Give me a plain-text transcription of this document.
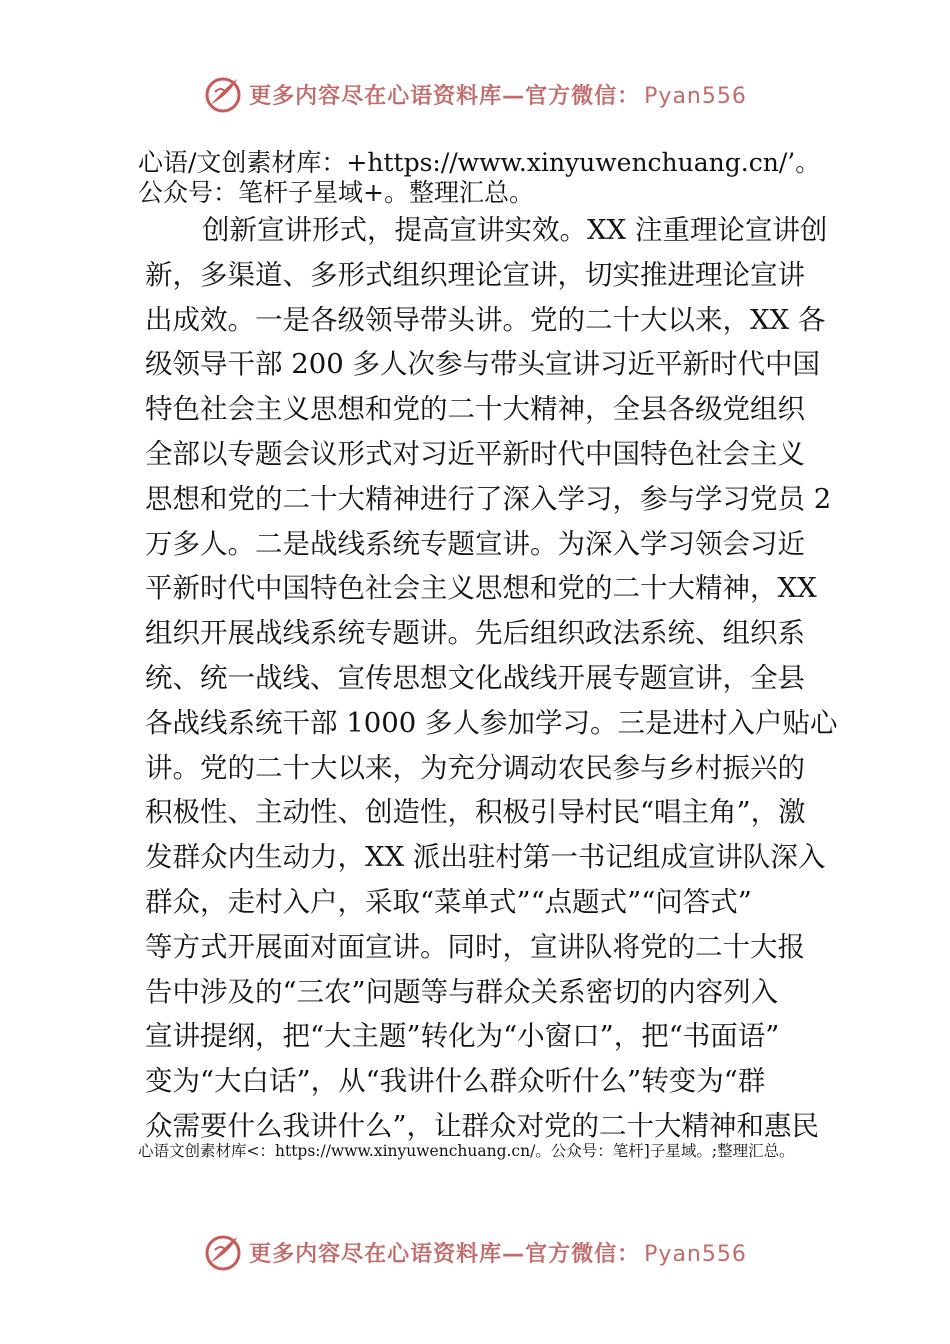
更多内容尽在心语资料库—官方微信： Pyan556
心语/文创素材库：+https://www.xinyuwenchuang.cn/’。
公众号：笔杆子星域+。整理汇总。
创新宣讲形式，提高宣讲实效。XX 注重理论宣讲创
新，多渠道、多形式组织理论宣讲，切实推进理论宣讲
出成效。一是各级领导带头讲。党的二十大以来，XX 各
级领导干部 200 多人次参与带头宣讲习近平新时代中国
特色社会主义思想和党的二十大精神，全县各级党组织
全部以专题会议形式对习近平新时代中国特色社会主义
思想和党的二十大精神进行了深入学习，参与学习党员 2
万多人。二是战线系统专题宣讲。为深入学习领会习近
平新时代中国特色社会主义思想和党的二十大精神，XX
组织开展战线系统专题讲。先后组织政法系统、组织系
统、统一战线、宣传思想文化战线开展专题宣讲，全县
各战线系统干部 1000 多人参加学习。三是进村入户贴心
讲。党的二十大以来，为充分调动农民参与乡村振兴的
积极性、主动性、创造性，积极引导村民“唱主角”，激
发群众内生动力，XX 派出驻村第一书记组成宣讲队深入
群众，走村入户，采取“菜单式”“点题式”“问答式”
等方式开展面对面宣讲。同时，宣讲队将党的二十大报
告中涉及的“三农”问题等与群众关系密切的内容列入
宣讲提纲，把“大主题”转化为“小窗口”，把“书面语”
变为“大白话”，从“我讲什么群众听什么”转变为“群
众需要什么我讲什么”，让群众对党的二十大精神和惠民
心语文创素材库<：https://www.xinyuwenchuang.cn/。公众号：笔杆]子星域。;整理汇总。
更多内容尽在心语资料库—官方微信： Pyan556
